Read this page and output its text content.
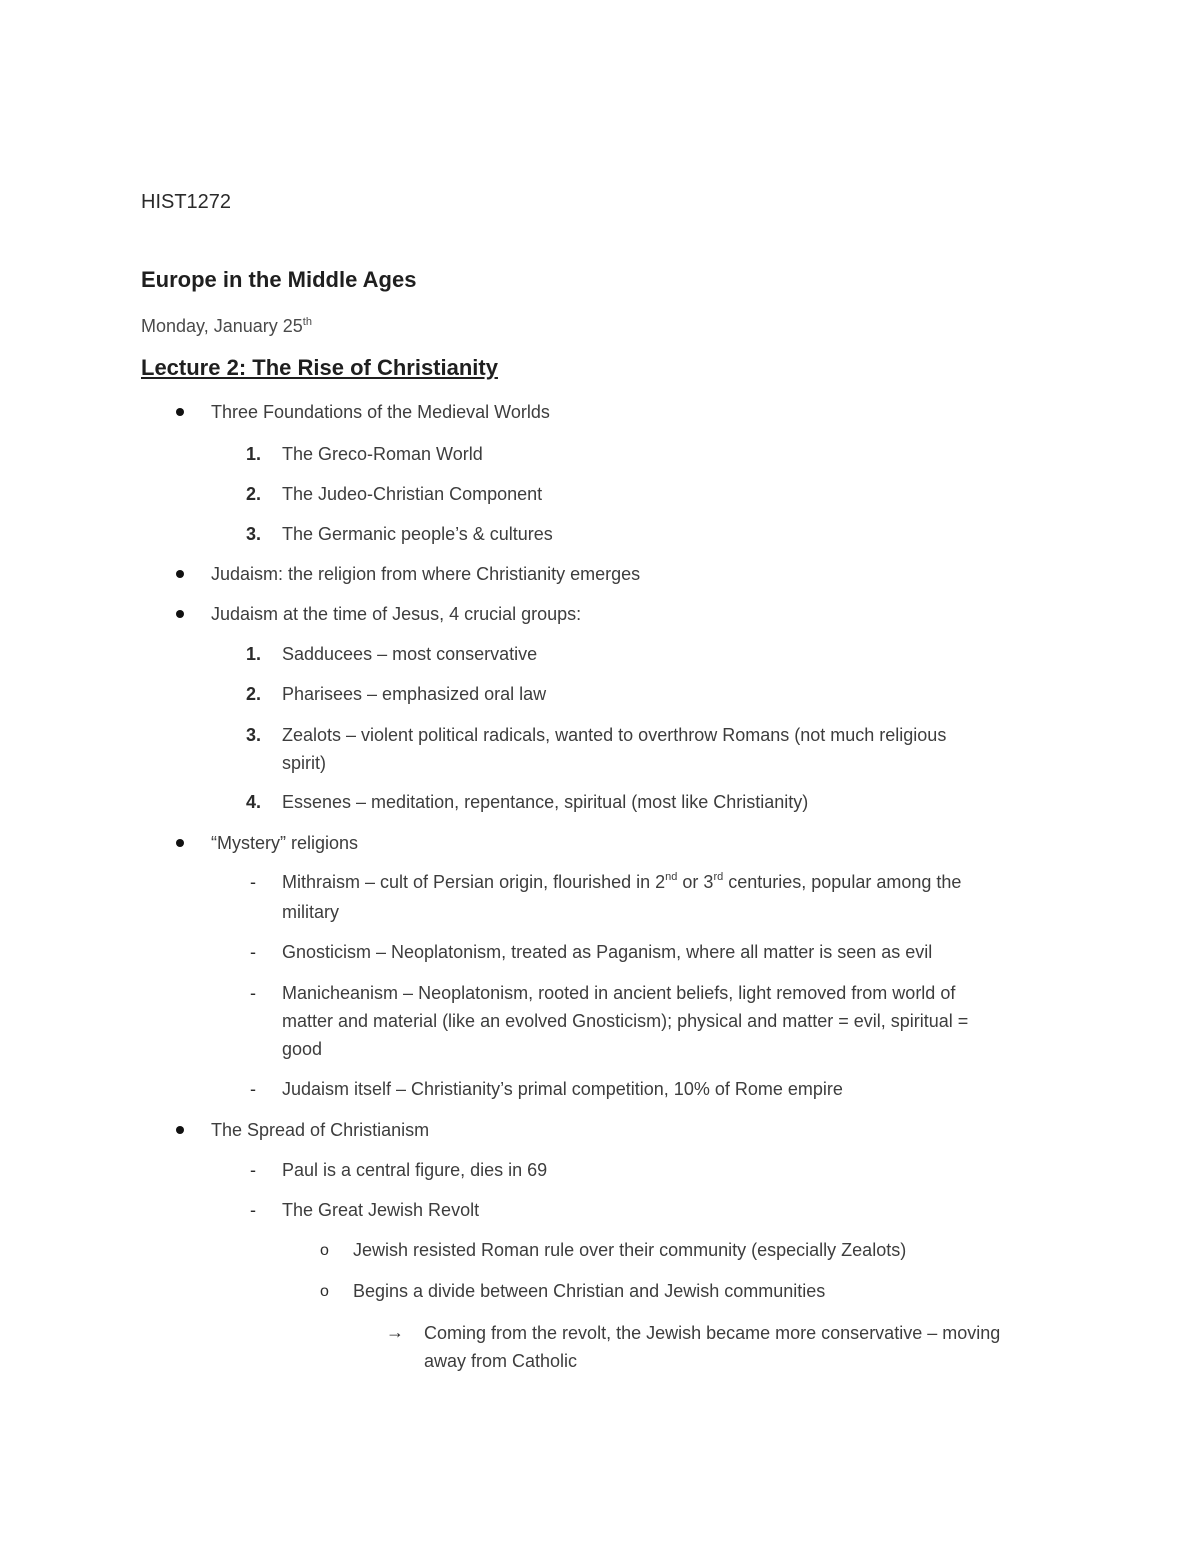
HIST1272
Europe in the Middle Ages
Monday, January 25th
Lecture 2: The Rise of Christianity
Three Foundations of the Medieval Worlds
1. The Greco-Roman World
2. The Judeo-Christian Component
3. The Germanic people’s & cultures
Judaism: the religion from where Christianity emerges
Judaism at the time of Jesus, 4 crucial groups:
1. Sadducees – most conservative
2. Pharisees – emphasized oral law
3. Zealots – violent political radicals, wanted to overthrow Romans (not much religious
spirit)
4. Essenes – meditation, repentance, spiritual (most like Christianity)
“Mystery” religions
- Mithraism – cult of Persian origin, flourished in 2nd or 3rd centuries, popular among the
military
- Gnosticism – Neoplatonism, treated as Paganism, where all matter is seen as evil
- Manicheanism – Neoplatonism, rooted in ancient beliefs, light removed from world of
matter and material (like an evolved Gnosticism); physical and matter = evil, spiritual =
good
- Judaism itself – Christianity’s primal competition, 10% of Rome empire
The Spread of Christianism
- Paul is a central figure, dies in 69
- The Great Jewish Revolt
o Jewish resisted Roman rule over their community (especially Zealots)
o Begins a divide between Christian and Jewish communities
→ Coming from the revolt, the Jewish became more conservative – moving
away from Catholic
